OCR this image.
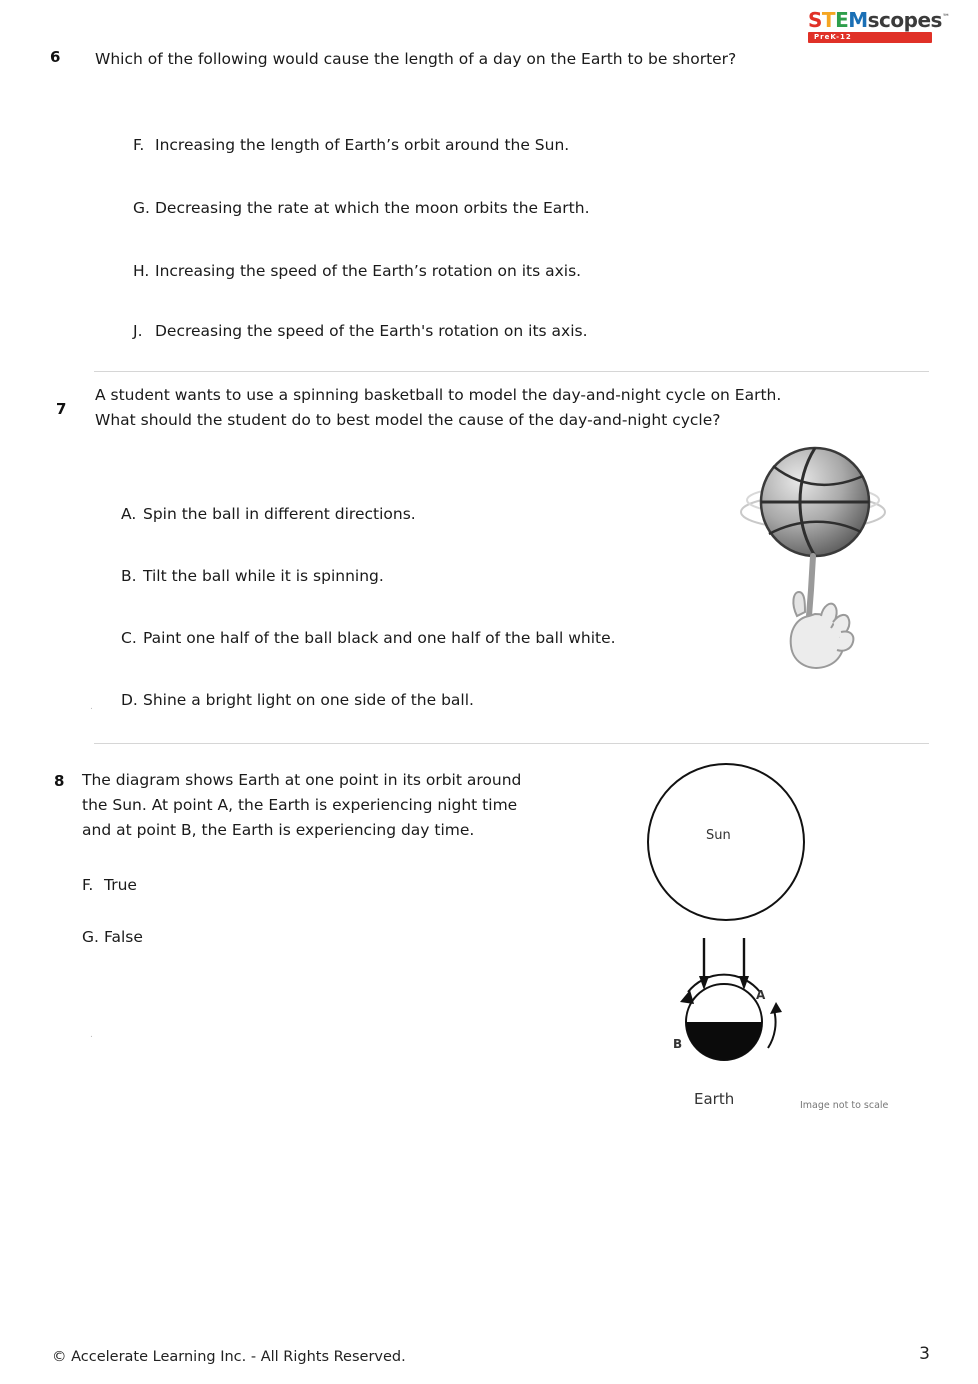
STEMscopes™
PreK-12
6 Which of the following would cause the length of a day on the Earth to be shorter?
F. Increasing the length of Earth’s orbit around the Sun.
G. Decreasing the rate at which the moon orbits the Earth.
H. Increasing the speed of the Earth’s rotation on its axis.
J. Decreasing the speed of the Earth's rotation on its axis.
7
A student wants to use a spinning basketball to model the day-and-night cycle on Earth.
What should the student do to best model the cause of the day-and-night cycle?
A. Spin the ball in different directions.
B. Tilt the ball while it is spinning.
C. Paint one half of the ball black and one half of the ball white.
D. Shine a bright light on one side of the ball.
.
8 The diagram shows Earth at one point in its orbit around
the Sun. At point A, the Earth is experiencing night time
and at point B, the Earth is experiencing day time.
F. True
G. False
.
Sun
A
B
Earth	Image not to scale
© Accelerate Learning Inc. - All Rights Reserved.	3
